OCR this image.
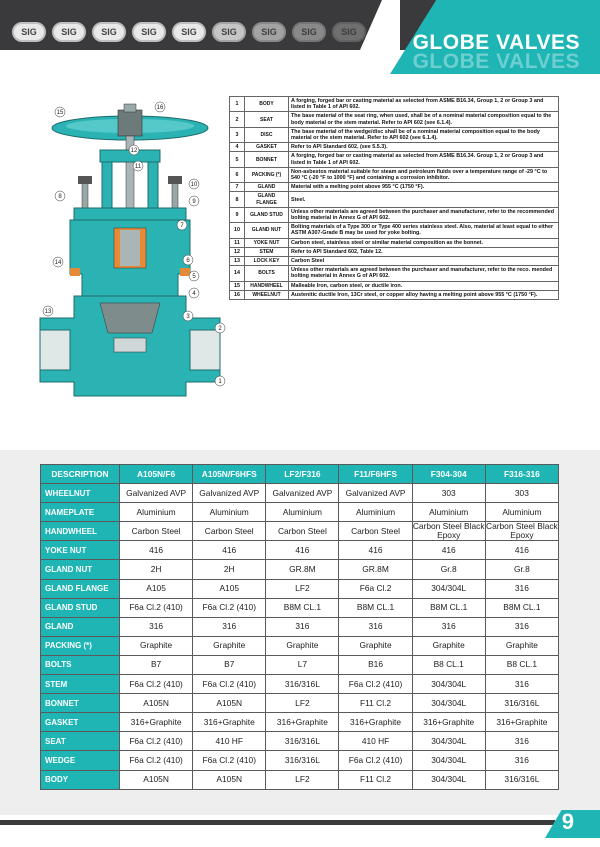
SIG	SIG	SIG	SIG	SIG	SIG	SIG	SIG	SIG	GLOBE VALVES
GLOBE VALVES
1
2
3
4
5
6
7
8
9
10
11
12
13
14
15
16
1	BODY	A forging, forged bar or casting material as selected from ASME B16.34, Group 1, 2 or Group 3 and listed in Table 1 of API 602.
2	SEAT	The base material of the seat ring, when used, shall be of a nominal material composition equal to the body material or the stem material. Refer to API 602 (see 6.1.4).
3	DISC	The base material of the wedge/disc shall be of a nominal material composition equal to the body material or the stem material. Refer to API 602 (see 6.1.4).
4	GASKET	Refer to API Standard 602, (see 5.5.3).
5	BONNET	A forging, forged bar or casting material as selected from ASME B16.34. Group 1, 2 or Group 3 and listed in Table 1 of API 602.
6	PACKING (*)	Non-asbestos material suitable for steam and petroleum fluids over a temperature range of -29 °C to 540 °C (-20 °F to 1000 °F) and containing a corrosion inhibitor.
7	GLAND	Material with a melting point above 955 °C (1750 °F).
8	GLAND FLANGE	Steel.
9	GLAND STUD	Unless other materials are agreed between the purchaser and manufacturer, refer to the recommended bolting material in Annex G of API 602.
10	GLAND NUT	Bolting materials of a Type 300 or Type 400 series stainless steel. Also, material at least equal to either ASTM A307-Grade B may be used for yoke bolting.
11	YOKE NUT	Carbon steel, stainless steel or similar material composition as the bonnet.
12	STEM	Refer to API Standard 602, Table 12.
13	LOCK KEY	Carbon Steel
14	BOLTS	Unless other materials are agreed between the purchaser and manufacturer, refer to the reco. mended bolting material in Annex G of API 602.
15	HANDWHEEL	Malleable Iron, carbon steel, or ductile iron.
16	WHEELNUT	Austenitic ductile Iron, 13Cr steel, or copper alloy having a melting point above 955 °C (1750 °F).
DESCRIPTION	A105N/F6	A105N/F6HFS	LF2/F316	F11/F6HFS	F304-304	F316-316
WHEELNUT	Galvanized AVP	Galvanized AVP	Galvanized AVP	Galvanized AVP	303	303
NAMEPLATE	Aluminium	Aluminium	Aluminium	Aluminium	Aluminium	Aluminium
HANDWHEEL	Carbon Steel	Carbon Steel	Carbon Steel	Carbon Steel	Carbon Steel Black Epoxy	Carbon Steel Black Epoxy
YOKE NUT	416	416	416	416	416	416
GLAND NUT	2H	2H	GR.8M	GR.8M	Gr.8	Gr.8
GLAND FLANGE	A105	A105	LF2	F6a Cl.2	304/304L	316
GLAND STUD	F6a Cl.2 (410)	F6a Cl.2 (410)	B8M CL.1	B8M CL.1	B8M CL.1	B8M CL.1
GLAND	316	316	316	316	316	316
PACKING (*)	Graphite	Graphite	Graphite	Graphite	Graphite	Graphite
BOLTS	B7	B7	L7	B16	B8 CL.1	B8 CL.1
STEM	F6a Cl.2 (410)	F6a Cl.2 (410)	316/316L	F6a Cl.2 (410)	304/304L	316
BONNET	A105N	A105N	LF2	F11 Cl.2	304/304L	316/316L
GASKET	316+Graphite	316+Graphite	316+Graphite	316+Graphite	316+Graphite	316+Graphite
SEAT	F6a Cl.2 (410)	410 HF	316/316L	410 HF	304/304L	316
WEDGE	F6a Cl.2 (410)	F6a Cl.2 (410)	316/316L	F6a Cl.2 (410)	304/304L	316
BODY	A105N	A105N	LF2	F11 Cl.2	304/304L	316/316L
9
